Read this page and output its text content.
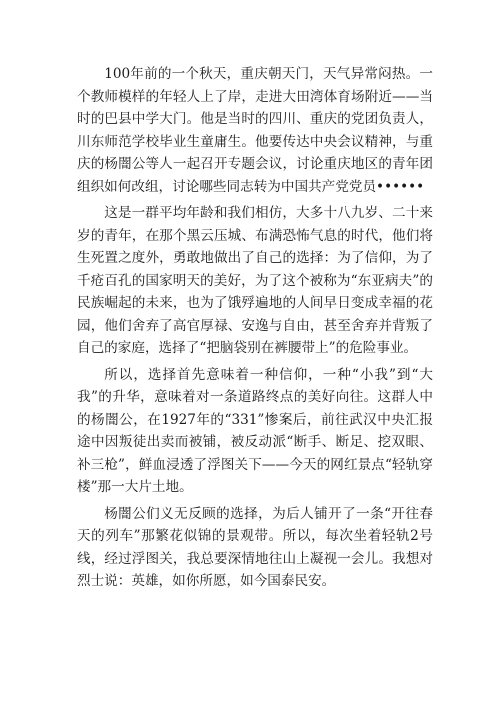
100年前的一个秋天，重庆朝天门，天气异常闷热。一个教师模样的年轻人上了岸，走进大田湾体育场附近——当时的巴县中学大门。他是当时的四川、重庆的党团负责人，川东师范学校毕业生童庸生。他要传达中央会议精神，与重庆的杨闇公等人一起召开专题会议，讨论重庆地区的青年团组织如何改组，讨论哪些同志转为中国共产党党员••••••

这是一群平均年龄和我们相仿，大多十八九岁、二十来岁的青年，在那个黑云压城、布满恐怖气息的时代，他们将生死置之度外，勇敢地做出了自己的选择：为了信仰，为了千疮百孔的国家明天的美好，为了这个被称为“东亚病夫”的民族崛起的未来，也为了饿殍遍地的人间早日变成幸福的花园，他们舍弃了高官厚禄、安逸与自由，甚至舍弃并背叛了自己的家庭，选择了“把脑袋别在裤腰带上”的危险事业。

所以，选择首先意味着一种信仰，一种“小我”到“大我”的升华，意味着对一条道路终点的美好向往。这群人中的杨闇公，在1927年的“331”惨案后，前往武汉中央汇报途中因叛徒出卖而被铺，被反动派“断手、断足、挖双眼、补三枪”，鲜血浸透了浮图关下——今天的网红景点“轻轨穿楼”那一大片土地。

杨闇公们义无反顾的选择，为后人铺开了一条“开往春天的列车”那繁花似锦的景观带。所以，每次坐着轻轨2号线，经过浮图关，我总要深情地往山上凝视一会儿。我想对烈士说：英雄，如你所愿，如今国泰民安。
